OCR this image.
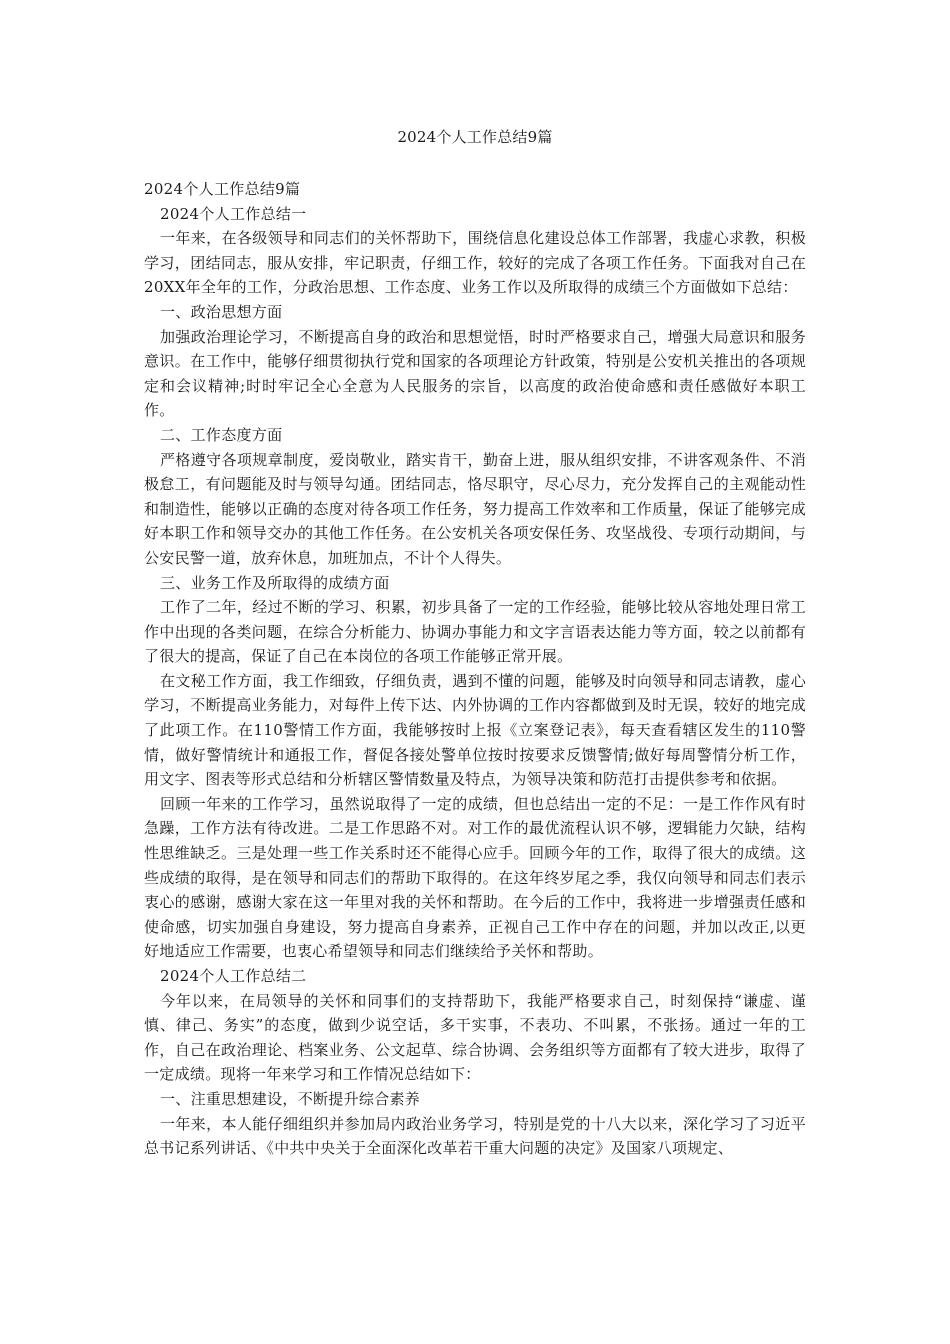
2024个人工作总结9篇

2024个人工作总结9篇

2024个人工作总结一

一年来，在各级领导和同志们的关怀帮助下，围绕信息化建设总体工作部署，我虚心求教，积极学习，团结同志，服从安排，牢记职责，仔细工作，较好的完成了各项工作任务。下面我对自己在20XX年全年的工作，分政治思想、工作态度、业务工作以及所取得的成绩三个方面做如下总结：

一、政治思想方面

加强政治理论学习，不断提高自身的政治和思想觉悟，时时严格要求自己，增强大局意识和服务意识。在工作中，能够仔细贯彻执行党和国家的各项理论方针政策，特别是公安机关推出的各项规定和会议精神;时时牢记全心全意为人民服务的宗旨，以高度的政治使命感和责任感做好本职工作。

二、工作态度方面

严格遵守各项规章制度，爱岗敬业，踏实肯干，勤奋上进，服从组织安排，不讲客观条件、不消极怠工，有问题能及时与领导勾通。团结同志，恪尽职守，尽心尽力，充分发挥自己的主观能动性和制造性，能够以正确的态度对待各项工作任务，努力提高工作效率和工作质量，保证了能够完成好本职工作和领导交办的其他工作任务。在公安机关各项安保任务、攻坚战役、专项行动期间，与公安民警一道，放弃休息，加班加点，不计个人得失。

三、业务工作及所取得的成绩方面

工作了二年，经过不断的学习、积累，初步具备了一定的工作经验，能够比较从容地处理日常工作中出现的各类问题，在综合分析能力、协调办事能力和文字言语表达能力等方面，较之以前都有了很大的提高，保证了自己在本岗位的各项工作能够正常开展。

在文秘工作方面，我工作细致，仔细负责，遇到不懂的问题，能够及时向领导和同志请教，虚心学习，不断提高业务能力，对每件上传下达、内外协调的工作内容都做到及时无误，较好的地完成了此项工作。在110警情工作方面，我能够按时上报《立案登记表》，每天查看辖区发生的110警情，做好警情统计和通报工作，督促各接处警单位按时按要求反馈警情;做好每周警情分析工作，用文字、图表等形式总结和分析辖区警情数量及特点，为领导决策和防范打击提供参考和依据。

回顾一年来的工作学习，虽然说取得了一定的成绩，但也总结出一定的不足：一是工作作风有时急躁，工作方法有待改进。二是工作思路不对。对工作的最优流程认识不够，逻辑能力欠缺，结构性思维缺乏。三是处理一些工作关系时还不能得心应手。回顾今年的工作，取得了很大的成绩。这些成绩的取得，是在领导和同志们的帮助下取得的。在这年终岁尾之季，我仅向领导和同志们表示衷心的感谢，感谢大家在这一年里对我的关怀和帮助。在今后的工作中，我将进一步增强责任感和使命感，切实加强自身建设，努力提高自身素养，正视自己工作中存在的问题，并加以改正,以更好地适应工作需要，也衷心希望领导和同志们继续给予关怀和帮助。

2024个人工作总结二

今年以来，在局领导的关怀和同事们的支持帮助下，我能严格要求自己，时刻保持“谦虚、谨慎、律己、务实”的态度，做到少说空话，多干实事，不表功、不叫累，不张扬。通过一年的工作，自己在政治理论、档案业务、公文起草、综合协调、会务组织等方面都有了较大进步，取得了一定成绩。现将一年来学习和工作情况总结如下：

一、注重思想建设，不断提升综合素养

一年来，本人能仔细组织并参加局内政治业务学习，特别是党的十八大以来，深化学习了习近平总书记系列讲话、《中共中央关于全面深化改革若干重大问题的决定》及国家八项规定、
